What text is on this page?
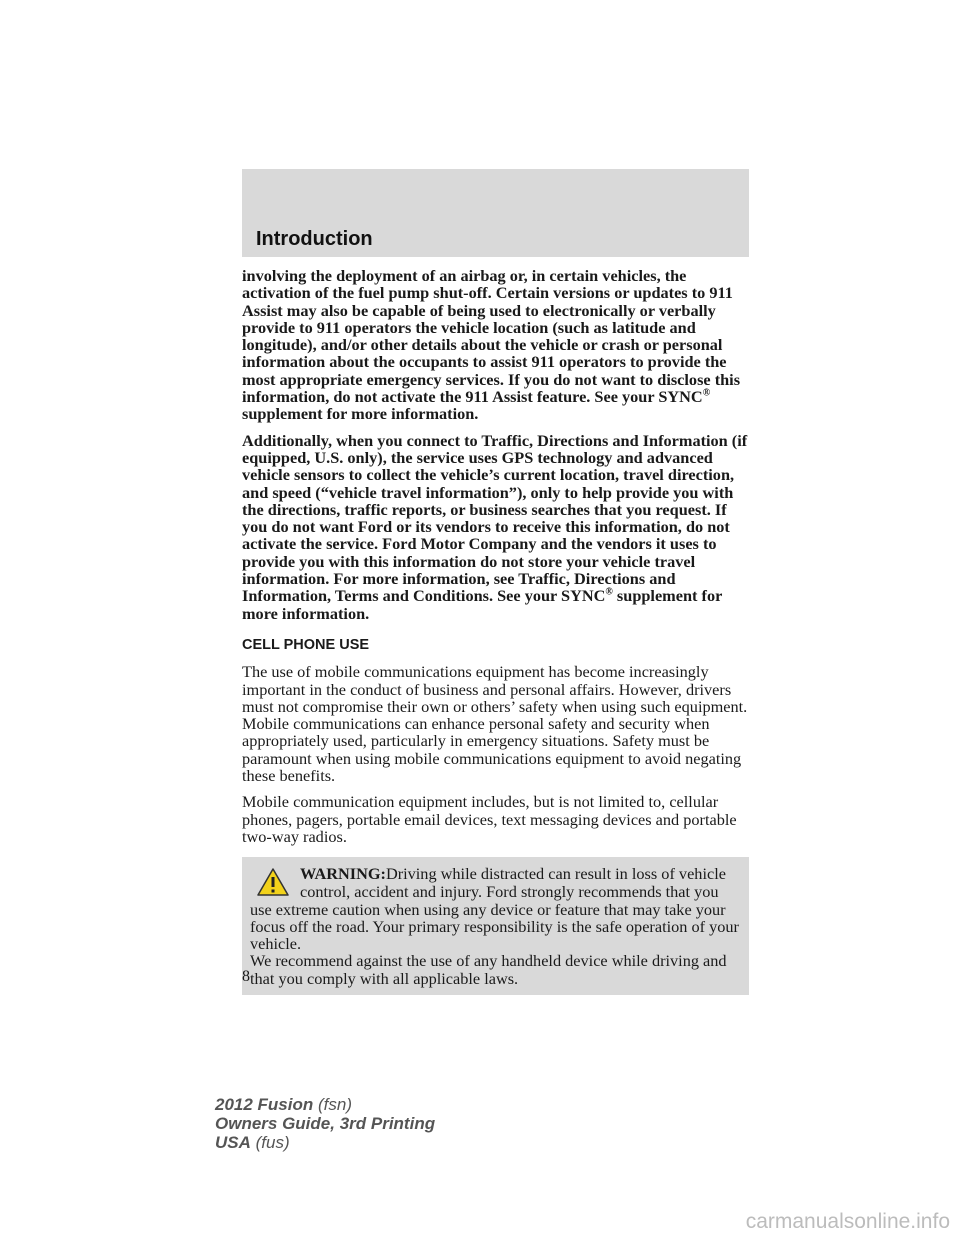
Introduction

involving the deployment of an airbag or, in certain vehicles, the activation of the fuel pump shut-off. Certain versions or updates to 911 Assist may also be capable of being used to electronically or verbally provide to 911 operators the vehicle location (such as latitude and longitude), and/or other details about the vehicle or crash or personal information about the occupants to assist 911 operators to provide the most appropriate emergency services. If you do not want to disclose this information, do not activate the 911 Assist feature. See your SYNC® supplement for more information.

Additionally, when you connect to Traffic, Directions and Information (if equipped, U.S. only), the service uses GPS technology and advanced vehicle sensors to collect the vehicle’s current location, travel direction, and speed (“vehicle travel information”), only to help provide you with the directions, traffic reports, or business searches that you request. If you do not want Ford or its vendors to receive this information, do not activate the service. Ford Motor Company and the vendors it uses to provide you with this information do not store your vehicle travel information. For more information, see Traffic, Directions and Information, Terms and Conditions. See your SYNC® supplement for more information.

CELL PHONE USE

The use of mobile communications equipment has become increasingly important in the conduct of business and personal affairs. However, drivers must not compromise their own or others’ safety when using such equipment. Mobile communications can enhance personal safety and security when appropriately used, particularly in emergency situations. Safety must be paramount when using mobile communications equipment to avoid negating these benefits.

Mobile communication equipment includes, but is not limited to, cellular phones, pagers, portable email devices, text messaging devices and portable two-way radios.

WARNING:Driving while distracted can result in loss of vehicle control, accident and injury. Ford strongly recommends that you
use extreme caution when using any device or feature that may take your focus off the road. Your primary responsibility is the safe operation of your vehicle.
We recommend against the use of any handheld device while driving and that you comply with all applicable laws.
8
2012 Fusion (fsn)
Owners Guide, 3rd Printing
USA (fus)
carmanualsonline.info
